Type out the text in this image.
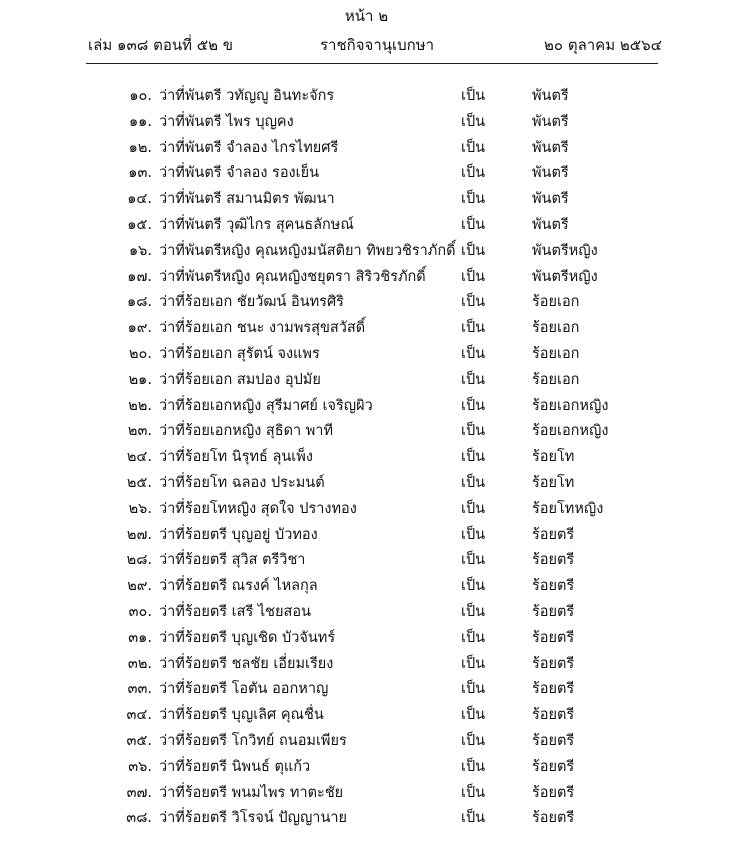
หน้า ๒
เล่ม ๑๓๘ ตอนที่ ๕๒ ข	ราชกิจจานุเบกษา	๒๐ ตุลาคม ๒๕๖๔
๑๐. ว่าที่พันตรี วทัญญู อินทะจักร	เป็น	พันตรี
๑๑. ว่าที่พันตรี ไพร บุญคง	เป็น	พันตรี
๑๒. ว่าที่พันตรี จำลอง ไกรไทยศรี	เป็น	พันตรี
๑๓. ว่าที่พันตรี จำลอง รองเย็น	เป็น	พันตรี
๑๔. ว่าที่พันตรี สมานมิตร พัฒนา	เป็น	พันตรี
๑๕. ว่าที่พันตรี วุฒิไกร สุคนธลักษณ์	เป็น	พันตรี
๑๖. ว่าที่พันตรีหญิง คุณหญิงมนัสติยา ทิพยวชิราภักดิ์ เป็น	พันตรีหญิง
๑๗. ว่าที่พันตรีหญิง คุณหญิงชยุตรา สิริวชิรภักดิ์ เป็น	พันตรีหญิง
๑๘. ว่าที่ร้อยเอก ชัยวัฒน์ อินทรศิริ	เป็น	ร้อยเอก
๑๙. ว่าที่ร้อยเอก ชนะ งามพรสุขสวัสดิ์	เป็น	ร้อยเอก
๒๐. ว่าที่ร้อยเอก สุรัตน์ จงแพร	เป็น	ร้อยเอก
๒๑. ว่าที่ร้อยเอก สมปอง อุปมัย	เป็น	ร้อยเอก
๒๒. ว่าที่ร้อยเอกหญิง สุรีมาศย์ เจริญผิว	เป็น	ร้อยเอกหญิง
๒๓. ว่าที่ร้อยเอกหญิง สุธิดา พาที	เป็น	ร้อยเอกหญิง
๒๔. ว่าที่ร้อยโท นิรุทธ์ ลุนเพ็ง	เป็น	ร้อยโท
๒๕. ว่าที่ร้อยโท ฉลอง ประมนต์	เป็น	ร้อยโท
๒๖. ว่าที่ร้อยโทหญิง สุดใจ ปรางทอง	เป็น	ร้อยโทหญิง
๒๗. ว่าที่ร้อยตรี บุญอยู่ บัวทอง	เป็น	ร้อยตรี
๒๘. ว่าที่ร้อยตรี สุวิส ตรีวิชา	เป็น	ร้อยตรี
๒๙. ว่าที่ร้อยตรี ณรงค์ ไหลกุล	เป็น	ร้อยตรี
๓๐. ว่าที่ร้อยตรี เสรี ไชยสอน	เป็น	ร้อยตรี
๓๑. ว่าที่ร้อยตรี บุญเชิด บัวจันทร์	เป็น	ร้อยตรี
๓๒. ว่าที่ร้อยตรี ชลชัย เอี่ยมเรียง	เป็น	ร้อยตรี
๓๓. ว่าที่ร้อยตรี โอตัน ออกหาญ	เป็น	ร้อยตรี
๓๔. ว่าที่ร้อยตรี บุญเลิศ คุณชื่น	เป็น	ร้อยตรี
๓๕. ว่าที่ร้อยตรี โกวิทย์ ถนอมเพียร	เป็น	ร้อยตรี
๓๖. ว่าที่ร้อยตรี นิพนธ์ ตุแก้ว	เป็น	ร้อยตรี
๓๗. ว่าที่ร้อยตรี พนมไพร ทาตะชัย	เป็น	ร้อยตรี
๓๘. ว่าที่ร้อยตรี วิโรจน์ ปัญญานาย	เป็น	ร้อยตรี
